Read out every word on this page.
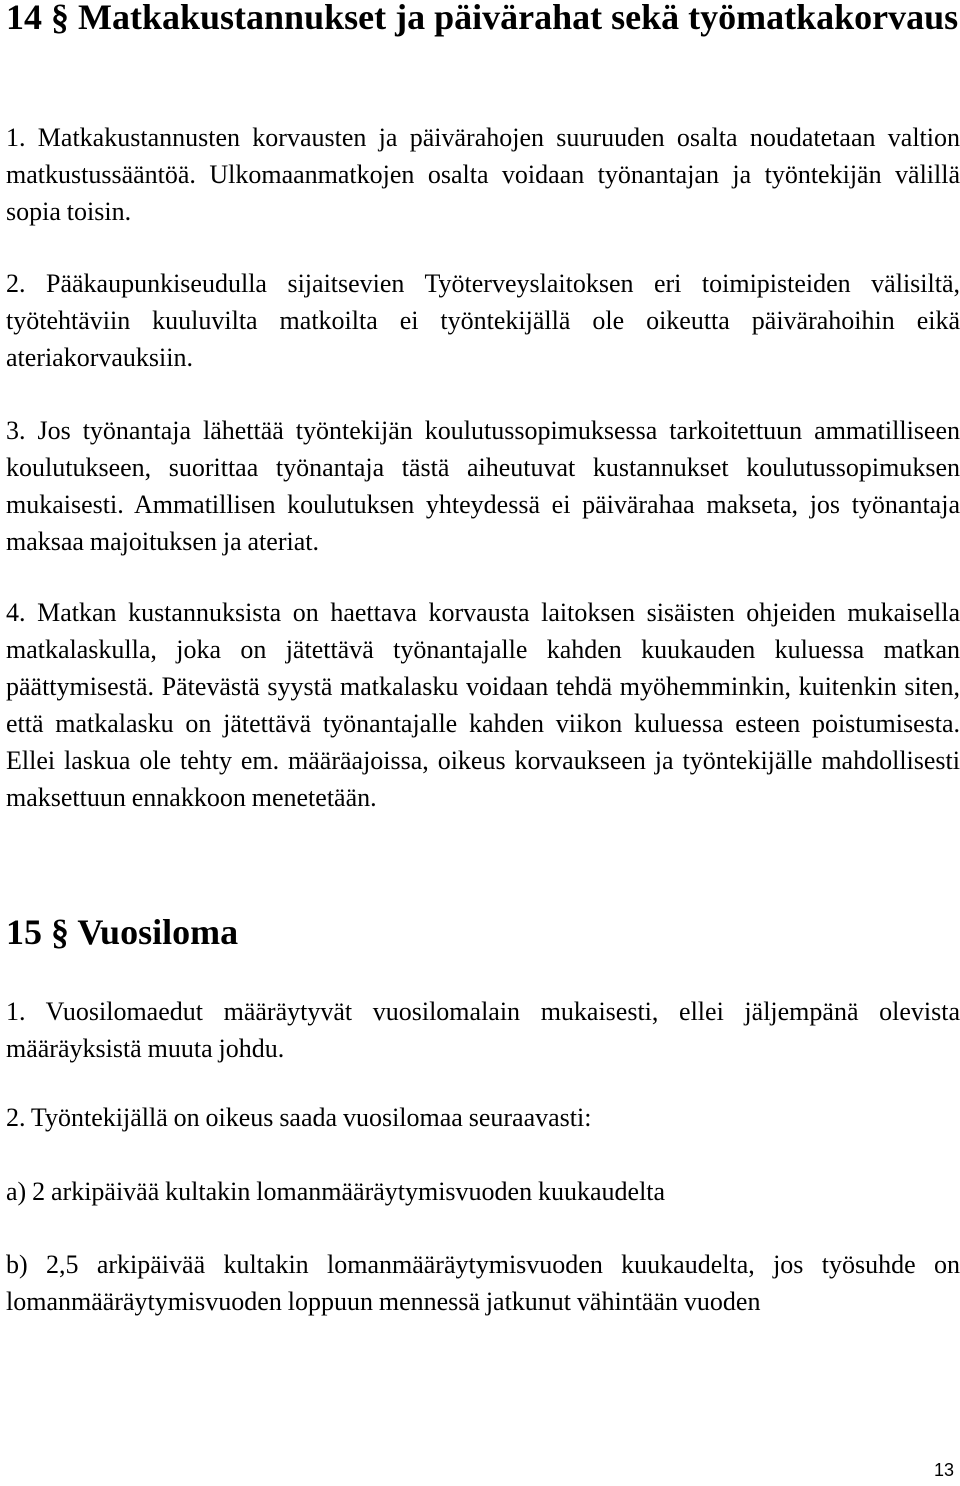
14 § Matkakustannukset ja päivärahat sekä työmatkakorvaus

1. Matkakustannusten korvausten ja päivärahojen suuruuden osalta noudatetaan valtion matkustussääntöä. Ulkomaanmatkojen osalta voidaan työnantajan ja työntekijän välillä sopia toisin.

2. Pääkaupunkiseudulla sijaitsevien Työterveyslaitoksen eri toimipisteiden välisiltä, työtehtäviin kuuluvilta matkoilta ei työntekijällä ole oikeutta päivärahoihin eikä ateriakorvauksiin.

3. Jos työnantaja lähettää työntekijän koulutussopimuksessa tarkoitettuun ammatilliseen koulutukseen, suorittaa työnantaja tästä aiheutuvat kustannukset koulutussopimuksen mukaisesti. Ammatillisen koulutuksen yhteydessä ei päivärahaa makseta, jos työnantaja maksaa majoituksen ja ateriat.

4. Matkan kustannuksista on haettava korvausta laitoksen sisäisten ohjeiden mukaisella matkalaskulla, joka on jätettävä työnantajalle kahden kuukauden kuluessa matkan päättymisestä. Pätevästä syystä matkalasku voidaan tehdä myöhemminkin, kuitenkin siten, että matkalasku on jätettävä työnantajalle kahden viikon kuluessa esteen poistumisesta. Ellei laskua ole tehty em. määräajoissa, oikeus korvaukseen ja työntekijälle mahdollisesti maksettuun ennakkoon menetetään.

15 § Vuosiloma

1. Vuosilomaedut määräytyvät vuosilomalain mukaisesti, ellei jäljempänä olevista määräyksistä muuta johdu.

2. Työntekijällä on oikeus saada vuosilomaa seuraavasti:

a) 2 arkipäivää kultakin lomanmääräytymisvuoden kuukaudelta

b) 2,5 arkipäivää kultakin lomanmääräytymisvuoden kuukaudelta, jos työsuhde on lomanmääräytymisvuoden loppuun mennessä jatkunut vähintään vuoden

13
